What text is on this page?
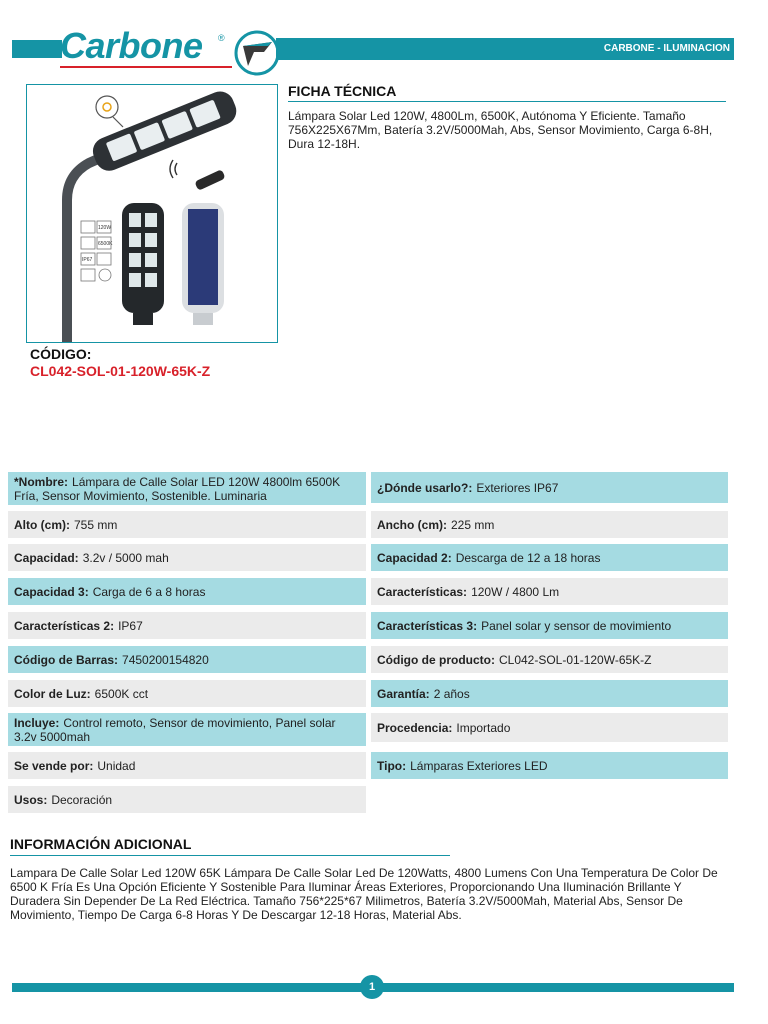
Carbone ®
CARBONE - ILUMINACION
120W
6500K
IP67
CÓDIGO:
CL042-SOL-01-120W-65K-Z
FICHA TÉCNICA
Lámpara Solar Led 120W, 4800Lm, 6500K, Autónoma Y Eficiente. Tamaño 756X225X67Mm, Batería 3.2V/5000Mah, Abs, Sensor Movimiento, Carga 6-8H, Dura 12-18H.
*Nombre: Lámpara de Calle Solar LED 120W 4800lm 6500K Fría, Sensor Movimiento, Sostenible. Luminaria
Alto (cm): 755 mm
Capacidad: 3.2v / 5000 mah
Capacidad 3: Carga de 6 a 8 horas
Características 2: IP67
Código de Barras: 7450200154820
Color de Luz: 6500K cct
Incluye: Control remoto, Sensor de movimiento, Panel solar 3.2v 5000mah
Se vende por: Unidad
Usos: Decoración
¿Dónde usarlo?: Exteriores IP67
Ancho (cm): 225 mm
Capacidad 2: Descarga de 12 a 18 horas
Características: 120W / 4800 Lm
Características 3: Panel solar y sensor de movimiento
Código de producto: CL042-SOL-01-120W-65K-Z
Garantía: 2 años
Procedencia: Importado
Tipo: Lámparas Exteriores LED
INFORMACIÓN ADICIONAL
Lampara De Calle Solar Led 120W 65K Lámpara De Calle Solar Led De 120Watts, 4800 Lumens Con Una Temperatura De Color De 6500 K Fría Es Una Opción Eficiente Y Sostenible Para Iluminar Áreas Exteriores, Proporcionando Una Iluminación Brillante Y Duradera Sin Depender De La Red Eléctrica. Tamaño 756*225*67 Milimetros, Batería 3.2V/5000Mah, Material Abs, Sensor De Movimiento, Tiempo De Carga 6-8 Horas Y De Descargar 12-18 Horas, Material Abs.
1
